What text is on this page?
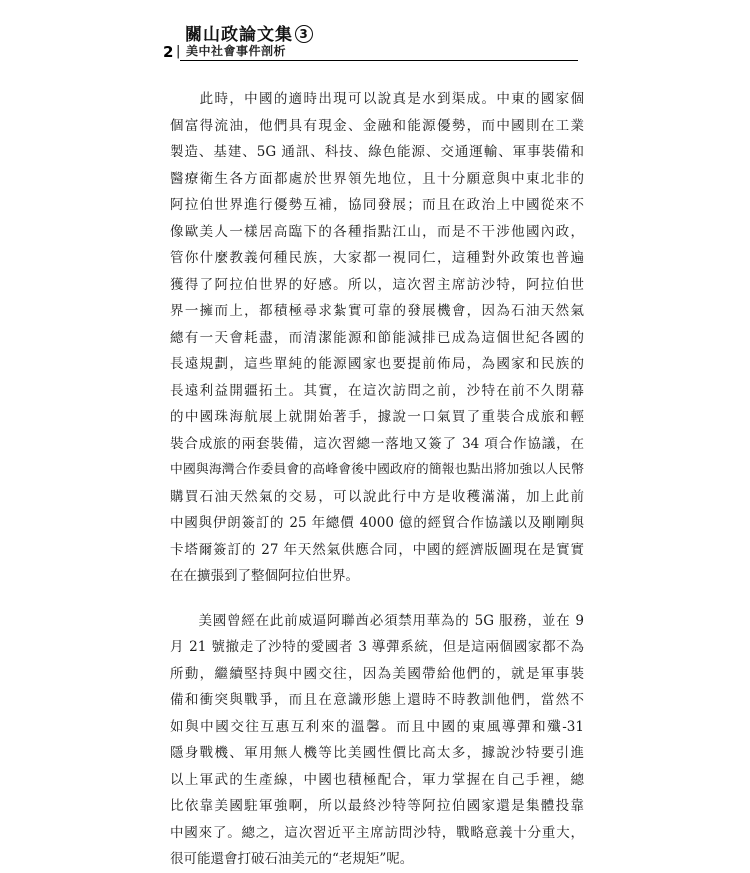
2 |
關山政論文集 3
美中社會事件剖析
　　此時，中國的適時出現可以說真是水到渠成。中東的國家個
個富得流油，他們具有現金、金融和能源優勢，而中國則在工業
製造、基建、5G 通訊、科技、綠色能源、交通運輸、軍事裝備和
醫療衛生各方面都處於世界領先地位，且十分願意與中東北非的
阿拉伯世界進行優勢互補，協同發展；而且在政治上中國從來不
像歐美人一樣居高臨下的各種指點江山，而是不干涉他國內政，
管你什麼教義何種民族，大家都一視同仁，這種對外政策也普遍
獲得了阿拉伯世界的好感。所以，這次習主席訪沙特，阿拉伯世
界一擁而上，都積極尋求紮實可靠的發展機會，因為石油天然氣
總有一天會耗盡，而清潔能源和節能減排已成為這個世紀各國的
長遠規劃，這些單純的能源國家也要提前佈局，為國家和民族的
長遠利益開疆拓土。其實，在這次訪問之前，沙特在前不久閉幕
的中國珠海航展上就開始著手，據說一口氣買了重裝合成旅和輕
裝合成旅的兩套裝備，這次習總一落地又簽了 34 項合作協議，在
中國與海灣合作委員會的高峰會後中國政府的簡報也點出將加強以人民幣
購買石油天然氣的交易，可以說此行中方是收穫滿滿，加上此前
中國與伊朗簽訂的 25 年總價 4000 億的經貿合作協議以及剛剛與
卡塔爾簽訂的 27 年天然氣供應合同，中國的經濟版圖現在是實實
在在擴張到了整個阿拉伯世界。
　　美國曾經在此前威逼阿聯酋必須禁用華為的 5G 服務，並在 9
月 21 號撤走了沙特的愛國者 3 導彈系統，但是這兩個國家都不為
所動，繼續堅持與中國交往，因為美國帶給他們的，就是軍事裝
備和衝突與戰爭，而且在意識形態上還時不時教訓他們，當然不
如與中國交往互惠互利來的溫馨。而且中國的東風導彈和殲-31
隱身戰機、軍用無人機等比美國性價比高太多，據說沙特要引進
以上軍武的生產線，中國也積極配合，軍力掌握在自己手裡，總
比依靠美國駐軍強啊，所以最終沙特等阿拉伯國家還是集體投靠
中國來了。總之，這次習近平主席訪問沙特，戰略意義十分重大，
很可能還會打破石油美元的“老規矩”呢。
